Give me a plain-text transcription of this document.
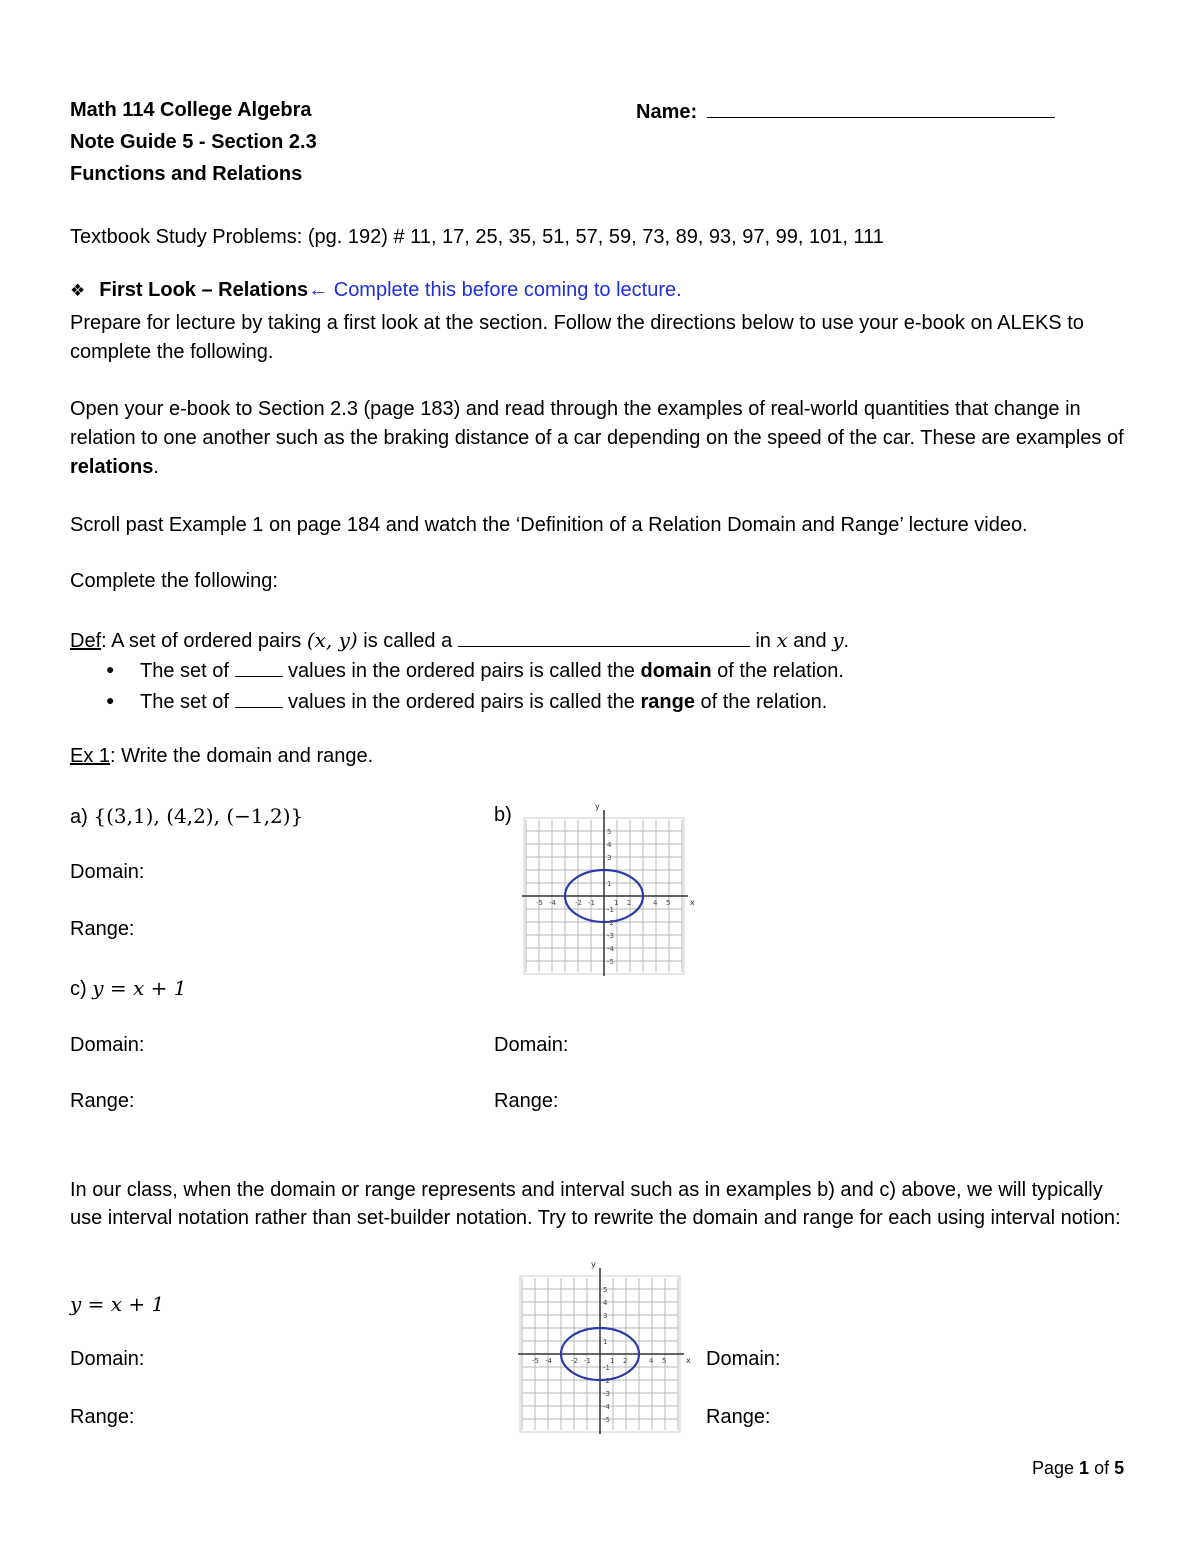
Math 114 College Algebra
Note Guide 5 - Section 2.3
Functions and Relations
Name:
Textbook Study Problems: (pg. 192) # 11, 17, 25, 35, 51, 57, 59, 73, 89, 93, 97, 99, 101, 111
❖ First Look – Relations← Complete this before coming to lecture.
Prepare for lecture by taking a first look at the section. Follow the directions below to use your e-book on ALEKS to complete the following.
Open your e-book to Section 2.3 (page 183) and read through the examples of real-world quantities that change in relation to one another such as the braking distance of a car depending on the speed of the car. These are examples of relations.
Scroll past Example 1 on page 184 and watch the ‘Definition of a Relation Domain and Range’ lecture video.
Complete the following:
Def: A set of ordered pairs (x, y) is called a	in x and y.
● The set of  values in the ordered pairs is called the domain of the relation.
● The set of  values in the ordered pairs is called the range of the relation.
Ex 1: Write the domain and range.
a) {(3,1), (4,2), (−1,2)}	b)
Domain:
Range:
c) y = x + 1
Domain:	Domain:
Range:	Range:
In our class, when the domain or range represents and interval such as in examples b) and c) above, we will typically use interval notation rather than set-builder notation. Try to rewrite the domain and range for each using interval notion:
y = x + 1
Domain:
Range:
Domain:
Range:
x
y
-5 -4	-2 -1	1 2	4 5
5
4
3
1
-1
-2
-3
-4
-5
x
y
-5 -4	-2 -1	1 2	4 5
5
4
3
1
-1
-2
-3
-4
-5
Page 1 of 5
